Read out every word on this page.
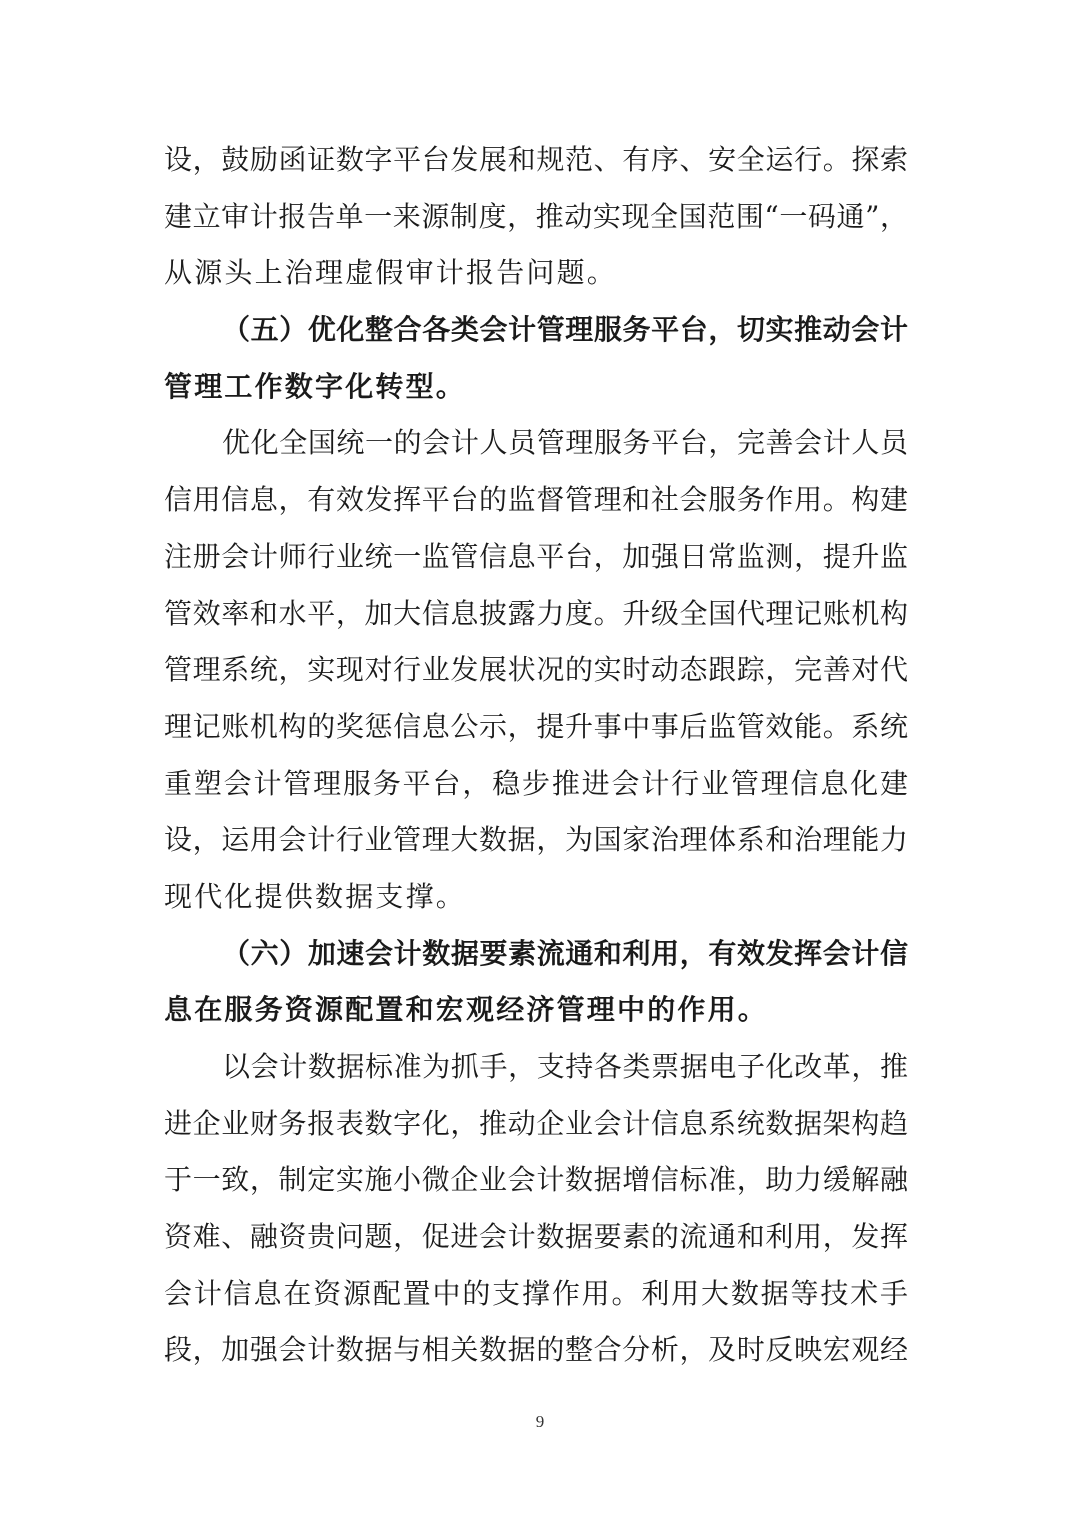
设，鼓励函证数字平台发展和规范、有序、安全运行。探索
建立审计报告单一来源制度，推动实现全国范围“一码通”，
从源头上治理虚假审计报告问题。
（五）优化整合各类会计管理服务平台，切实推动会计
管理工作数字化转型。
优化全国统一的会计人员管理服务平台，完善会计人员
信用信息，有效发挥平台的监督管理和社会服务作用。构建
注册会计师行业统一监管信息平台，加强日常监测，提升监
管效率和水平，加大信息披露力度。升级全国代理记账机构
管理系统，实现对行业发展状况的实时动态跟踪，完善对代
理记账机构的奖惩信息公示，提升事中事后监管效能。系统
重塑会计管理服务平台，稳步推进会计行业管理信息化建
设，运用会计行业管理大数据，为国家治理体系和治理能力
现代化提供数据支撑。
（六）加速会计数据要素流通和利用，有效发挥会计信
息在服务资源配置和宏观经济管理中的作用。
以会计数据标准为抓手，支持各类票据电子化改革，推
进企业财务报表数字化，推动企业会计信息系统数据架构趋
于一致，制定实施小微企业会计数据增信标准，助力缓解融
资难、融资贵问题，促进会计数据要素的流通和利用，发挥
会计信息在资源配置中的支撑作用。利用大数据等技术手
段，加强会计数据与相关数据的整合分析，及时反映宏观经
9
